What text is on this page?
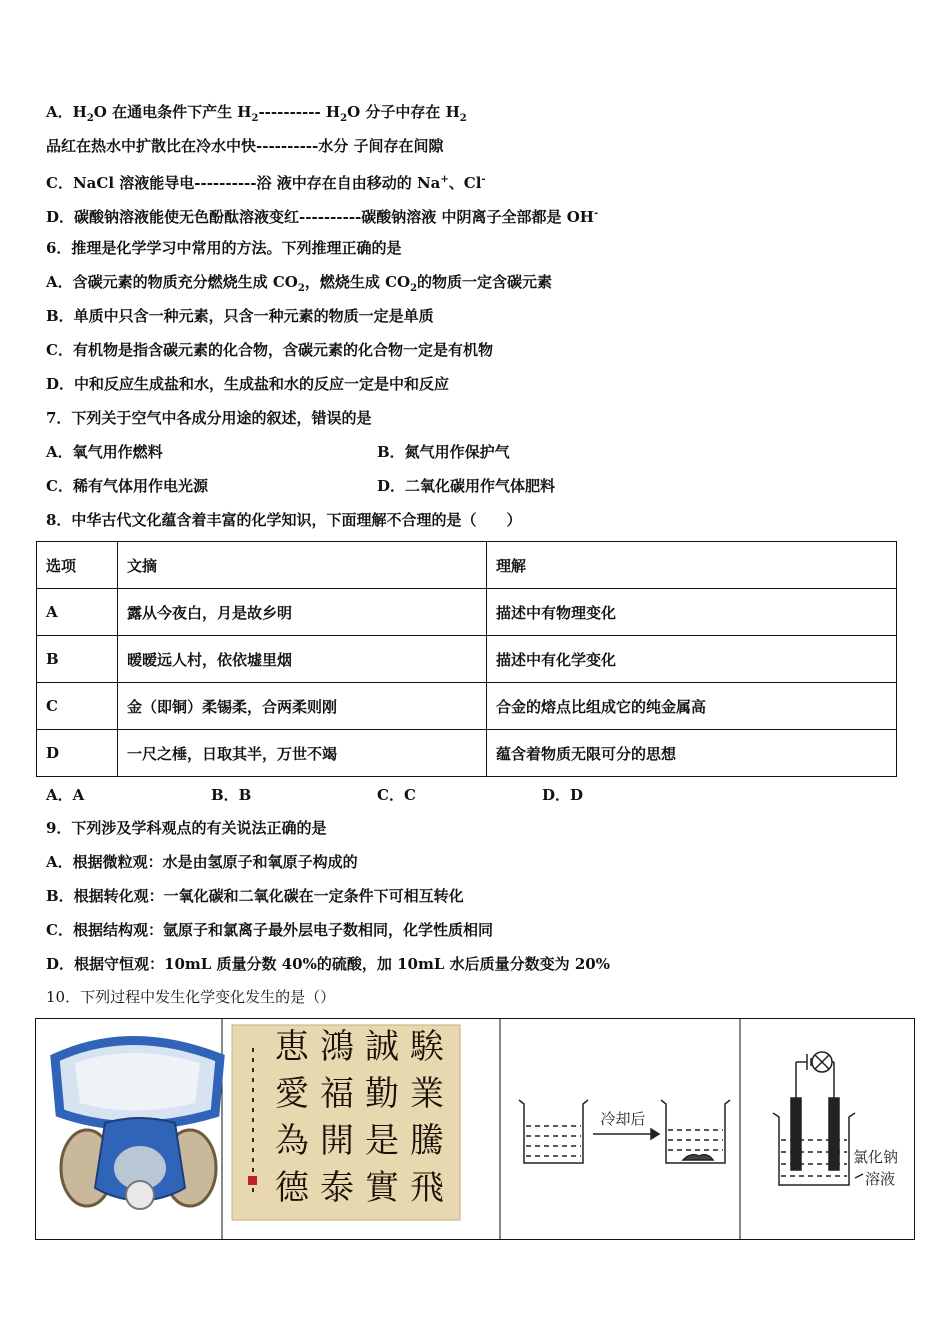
A．$H_2O$ 在通电条件下产生 $H_2----------$ $H_2O$ 分子中存在 $H_2$
品红在热水中扩散比在冷水中快----------水分 子间存在间隙
C．NaCl 溶液能导电----------浴 液中存在自由移动的 Na+、Cl-
D．碳酸钠溶液能使无色酚酞溶液变红----------碳酸钠溶液 中阴离子全部都是 OH-
6．推理是化学学习中常用的方法。下列推理正确的是
A．含碳元素的物质充分燃烧生成 $CO_2$，燃烧生成 $CO_2$的物质一定含碳元素
B．单质中只含一种元素，只含一种元素的物质一定是单质
C．有机物是指含碳元素的化合物，含碳元素的化合物一定是有机物
D．中和反应生成盐和水，生成盐和水的反应一定是中和反应
7．下列关于空气中各成分用途的叙述，错误的是
A．氧气用作燃料	B．氮气用作保护气
C．稀有气体用作电光源	D．二氧化碳用作气体肥料
8．中华古代文化蕴含着丰富的化学知识，下面理解不合理的是（　　）
选项	文摘	理解
A	露从今夜白，月是故乡明	描述中有物理变化
B	暧暧远人村，依依墟里烟	描述中有化学变化
C	金（即铜）柔锡柔，合两柔则刚	合金的熔点比组成它的纯金属高
D	一尺之棰，日取其半，万世不竭	蕴含着物质无限可分的思想
A．A	B．B	C．C	D．D
9．下列涉及学科观点的有关说法正确的是
A．根据微粒观：水是由氢原子和氧原子构成的
B．根据转化观：一氧化碳和二氧化碳在一定条件下可相互转化
C．根据结构观：氩原子和氯离子最外层电子数相同，化学性质相同
D．根据守恒观：10mL 质量分数 40%的硫酸，加 10mL 水后质量分数变为 20%
10．下列过程中发生化学变化发生的是（）
騃
業
騰
飛
誠
勤
是
實
鴻
福
開
泰
恵
愛
為
德
冷却后
氯化钠
溶液
